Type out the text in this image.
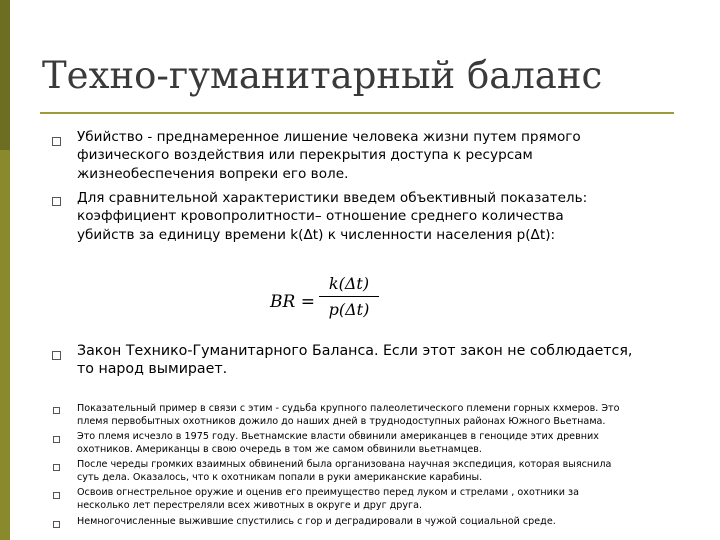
Техно-гуманитарный баланс
Убийство - преднамеренное лишение человека жизни путем прямого
физического воздействия или перекрытия доступа к ресурсам
жизнеобеспечения вопреки его воле.
Для сравнительной характеристики введем объективный показатель:
коэффициент кровопролитности– отношение среднего количества
убийств за единицу времени k(Δt) к численности населения p(Δt):
BR =
k(Δt)
p(Δt)
Закон Технико-Гуманитарного Баланса. Если этот закон не соблюдается,
то народ вымирает.
Показательный пример в связи с этим - судьба крупного палеолетического племени горных кхмеров. Это
племя первобытных охотников дожило до наших дней в труднодоступных районах Южного Вьетнама.
Это племя исчезло в 1975 году. Вьетнамские власти обвинили американцев в геноциде этих древних
охотников. Американцы в свою очередь в том же самом обвинили вьетнамцев.
После череды громких взаимных обвинений была организована научная экспедиция, которая выяснила
суть дела. Оказалось, что к охотникам попали в руки американские карабины.
Освоив огнестрельное оружие и оценив его преимущество перед луком и стрелами , охотники за
несколько лет перестреляли всех животных в округе и друг друга.
Немногочисленные выжившие спустились с гор и деградировали в чужой социальной среде.
